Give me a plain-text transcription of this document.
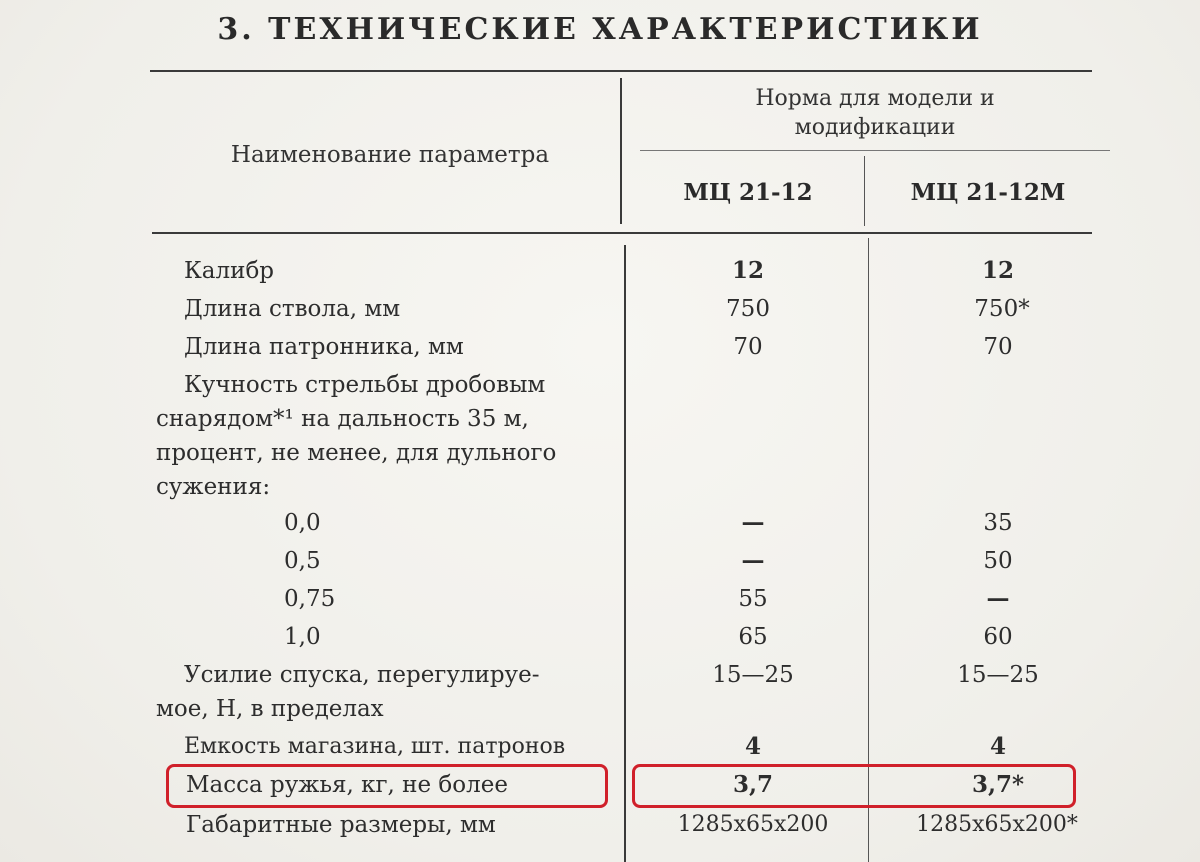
3. ТЕХНИЧЕСКИЕ ХАРАКТЕРИСТИКИ
Наименование параметра
Норма для модели и
модификации
МЦ 21-12	МЦ 21-12М
Калибр	12	12
Длина ствола, мм	750	750*
Длина патронника, мм	70	70
Кучность стрельбы дробовым
снарядом*¹ на дальность 35 м,
процент, не менее, для дульного
сужения:
0,0	—	35
0,5	—	50
0,75	55	—
1,0	65	60
Усилие спуска, перегулируе-
мое, Н, в пределах
15—25	15—25
Емкость магазина, шт. патронов	4	4
Масса ружья, кг, не более	3,7	3,7*
Габаритные размеры, мм	1285x65x200	1285x65x200*
